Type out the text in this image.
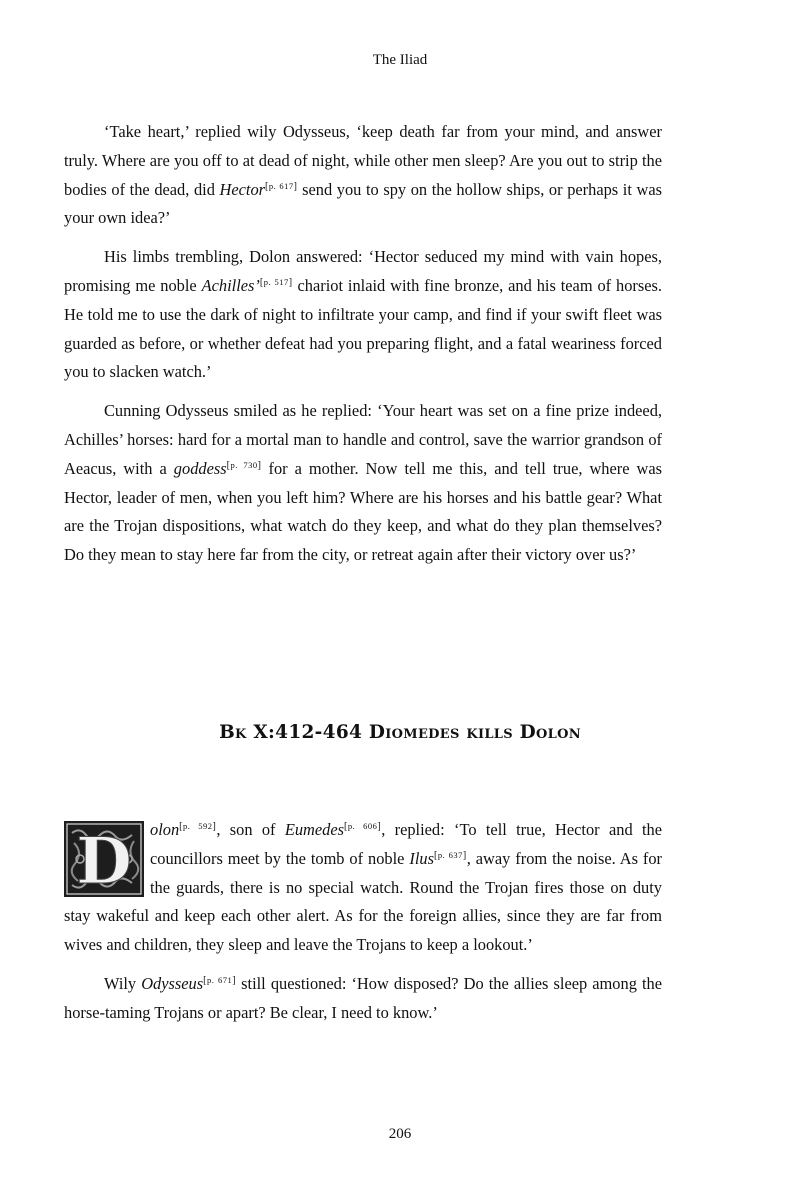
The Iliad

‘Take heart,’ replied wily Odysseus, ‘keep death far from your mind, and answer truly. Where are you off to at dead of night, while other men sleep? Are you out to strip the bodies of the dead, did Hector[p. 617] send you to spy on the hollow ships, or perhaps it was your own idea?’

His limbs trembling, Dolon answered: ‘Hector seduced my mind with vain hopes, promising me noble Achilles’[p. 517] chariot inlaid with fine bronze, and his team of horses. He told me to use the dark of night to infiltrate your camp, and find if your swift fleet was guarded as before, or whether defeat had you preparing flight, and a fatal weariness forced you to slacken watch.’

Cunning Odysseus smiled as he replied: ‘Your heart was set on a fine prize indeed, Achilles’ horses: hard for a mortal man to handle and control, save the warrior grandson of Aeacus, with a goddess[p. 730] for a mother. Now tell me this, and tell true, where was Hector, leader of men, when you left him? Where are his horses and his battle gear? What are the Trojan dispositions, what watch do they keep, and what do they plan themselves? Do they mean to stay here far from the city, or retreat again after their victory over us?’

Bk X:412-464 Diomedes kills Dolon

D olon[p. 592], son of Eumedes[p. 606], replied: ‘To tell true, Hector and the councillors meet by the tomb of noble Ilus[p. 637], away from the noise. As for the guards, there is no special watch. Round the Trojan fires those on duty stay wakeful and keep each other alert. As for the foreign allies, since they are far from wives and children, they sleep and leave the Trojans to keep a lookout.’

Wily Odysseus[p. 671] still questioned: ‘How disposed? Do the allies sleep among the horse-taming Trojans or apart? Be clear, I need to know.’

206
